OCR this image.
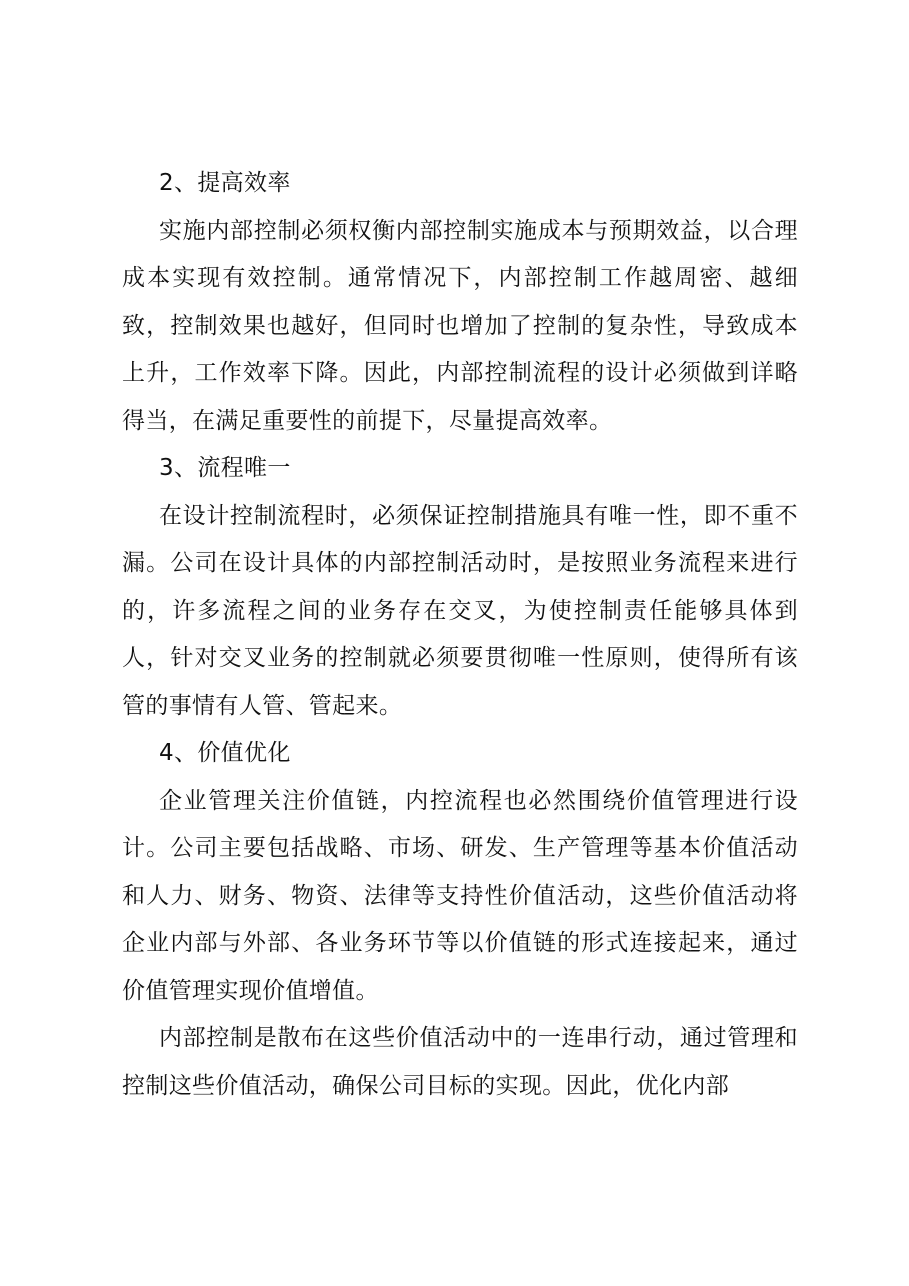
2、提高效率

实施内部控制必须权衡内部控制实施成本与预期效益，以合理成本实现有效控制。通常情况下，内部控制工作越周密、越细致，控制效果也越好，但同时也增加了控制的复杂性，导致成本上升，工作效率下降。因此，内部控制流程的设计必须做到详略得当，在满足重要性的前提下，尽量提高效率。

3、流程唯一

在设计控制流程时，必须保证控制措施具有唯一性，即不重不漏。公司在设计具体的内部控制活动时，是按照业务流程来进行的，许多流程之间的业务存在交叉，为使控制责任能够具体到人，针对交叉业务的控制就必须要贯彻唯一性原则，使得所有该管的事情有人管、管起来。

4、价值优化

企业管理关注价值链，内控流程也必然围绕价值管理进行设计。公司主要包括战略、市场、研发、生产管理等基本价值活动和人力、财务、物资、法律等支持性价值活动，这些价值活动将企业内部与外部、各业务环节等以价值链的形式连接起来，通过价值管理实现价值增值。

内部控制是散布在这些价值活动中的一连串行动，通过管理和控制这些价值活动，确保公司目标的实现。因此，优化内部
